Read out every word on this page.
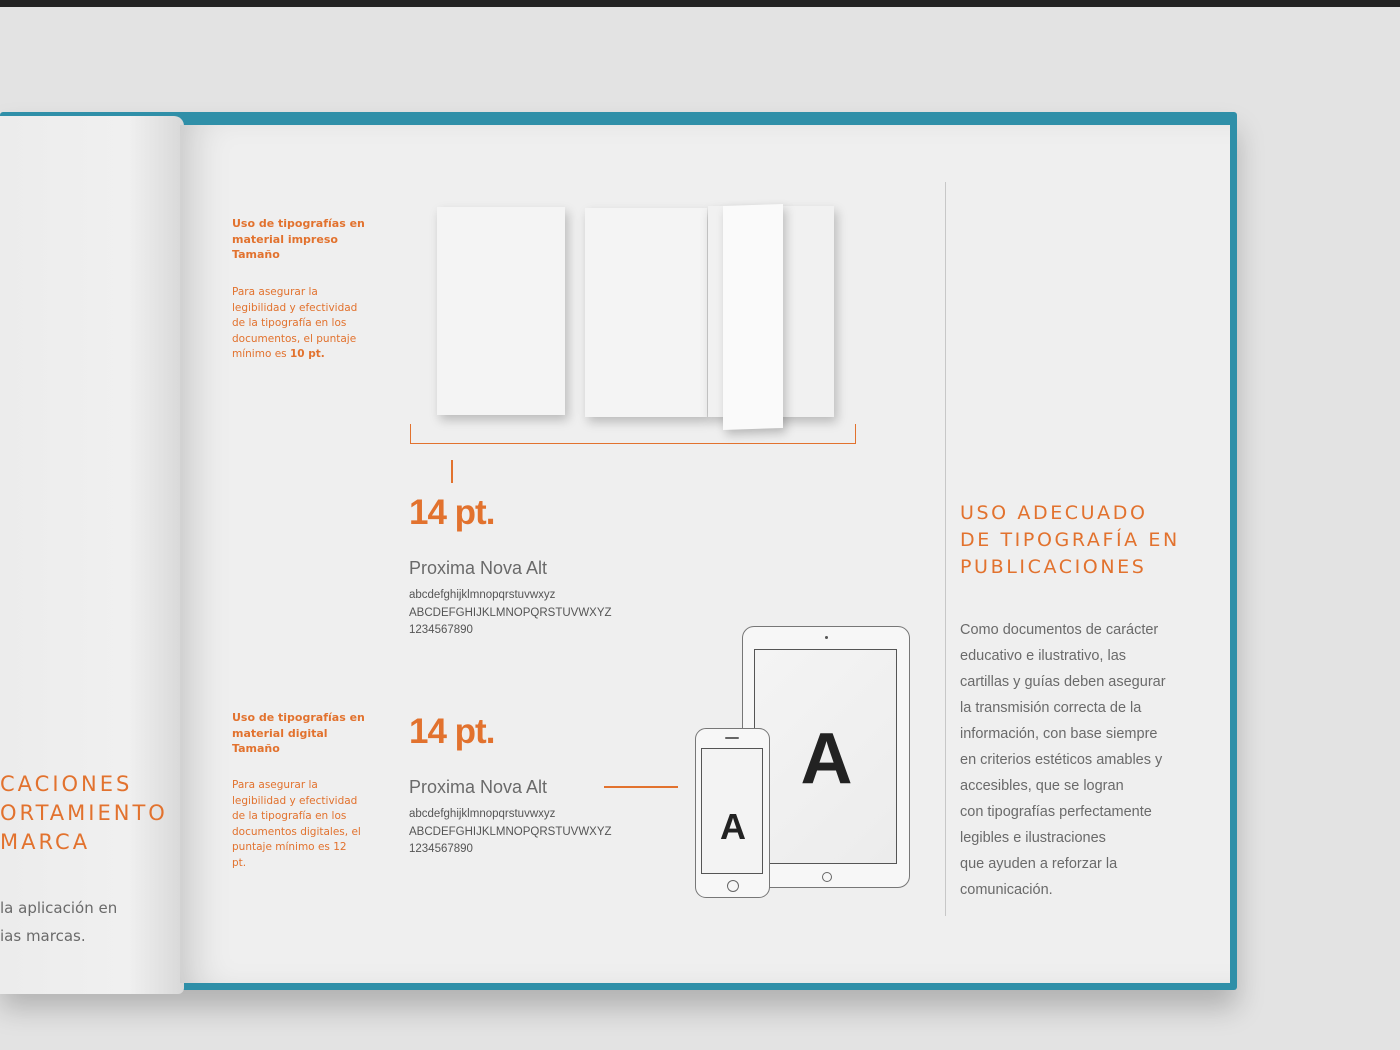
CACIONES
ORTAMIENTO
MARCA
la aplicación en
ias marcas.
Uso de tipografías en
material impreso
Tamaño
Para asegurar la
legibilidad y efectividad
de la tipografía en los
documentos, el puntaje
mínimo es 10 pt.
14 pt.
Proxima Nova Alt
abcdefghijklmnopqrstuvwxyz
ABCDEFGHIJKLMNOPQRSTUVWXYZ
1234567890
Uso de tipografías en
material digital
Tamaño
Para asegurar la
legibilidad y efectividad
de la tipografía en los
documentos digitales, el
puntaje mínimo es 12 pt.
14 pt.
Proxima Nova Alt
abcdefghijklmnopqrstuvwxyz
ABCDEFGHIJKLMNOPQRSTUVWXYZ
1234567890
A
A
USO ADECUADO
DE TIPOGRAFÍA EN
PUBLICACIONES
Como documentos de carácter
educativo e ilustrativo, las
cartillas y guías deben asegurar
la transmisión correcta de la
información, con base siempre
en criterios estéticos amables y
accesibles, que se logran
con tipografías perfectamente
legibles e ilustraciones
que ayuden a reforzar la
comunicación.
